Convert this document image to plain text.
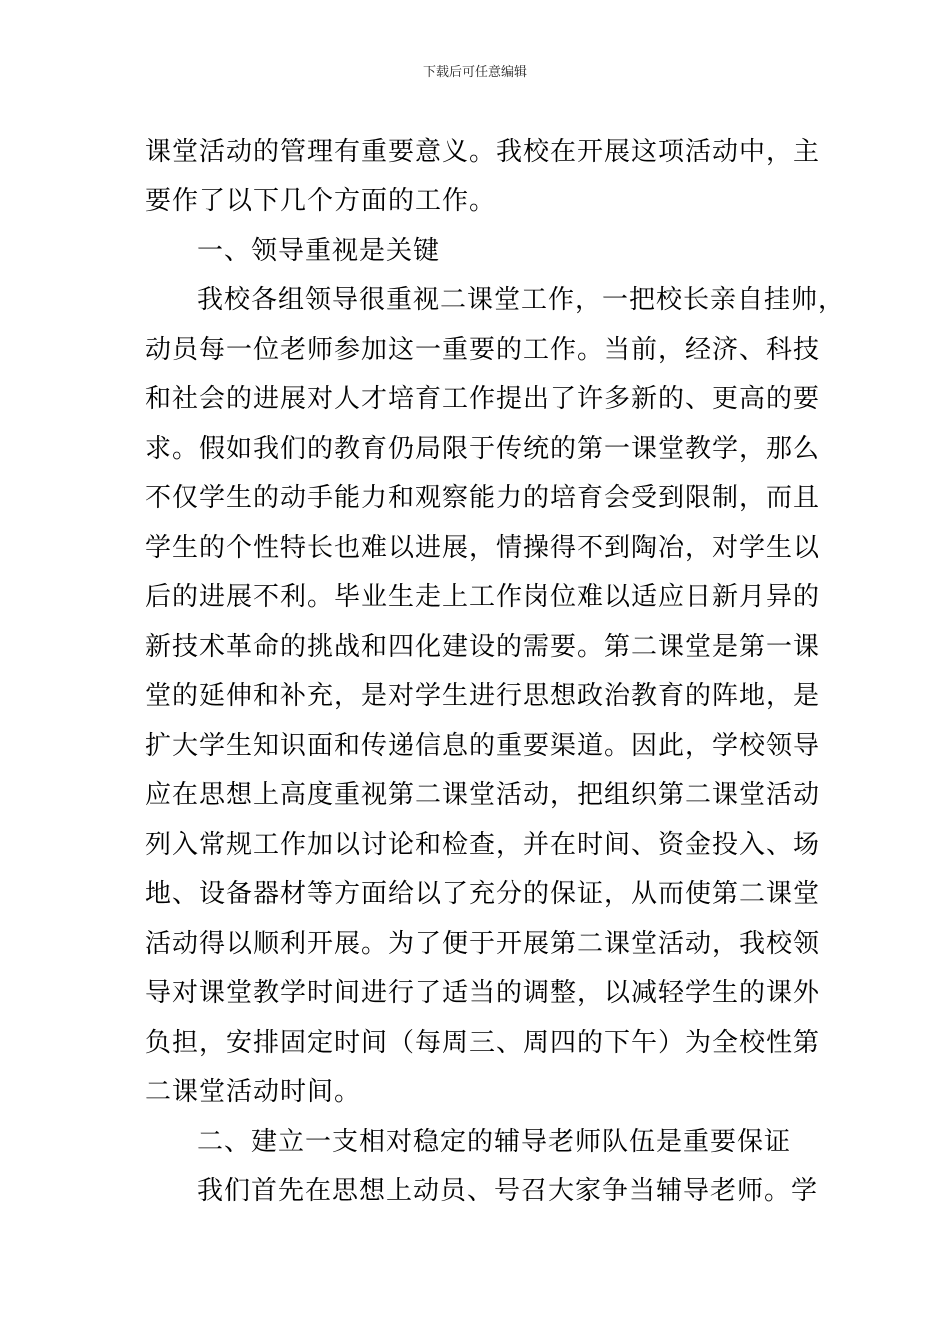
下载后可任意编辑
课堂活动的管理有重要意义。我校在开展这项活动中，主
要作了以下几个方面的工作。
一、领导重视是关键
我校各组领导很重视二课堂工作，一把校长亲自挂帅，
动员每一位老师参加这一重要的工作。当前，经济、科技
和社会的进展对人才培育工作提出了许多新的、更高的要
求。假如我们的教育仍局限于传统的第一课堂教学，那么
不仅学生的动手能力和观察能力的培育会受到限制，而且
学生的个性特长也难以进展，情操得不到陶冶，对学生以
后的进展不利。毕业生走上工作岗位难以适应日新月异的
新技术革命的挑战和四化建设的需要。第二课堂是第一课
堂的延伸和补充，是对学生进行思想政治教育的阵地，是
扩大学生知识面和传递信息的重要渠道。因此，学校领导
应在思想上高度重视第二课堂活动，把组织第二课堂活动
列入常规工作加以讨论和检查，并在时间、资金投入、场
地、设备器材等方面给以了充分的保证，从而使第二课堂
活动得以顺利开展。为了便于开展第二课堂活动，我校领
导对课堂教学时间进行了适当的调整，以减轻学生的课外
负担，安排固定时间（每周三、周四的下午）为全校性第
二课堂活动时间。
二、建立一支相对稳定的辅导老师队伍是重要保证
我们首先在思想上动员、号召大家争当辅导老师。学
